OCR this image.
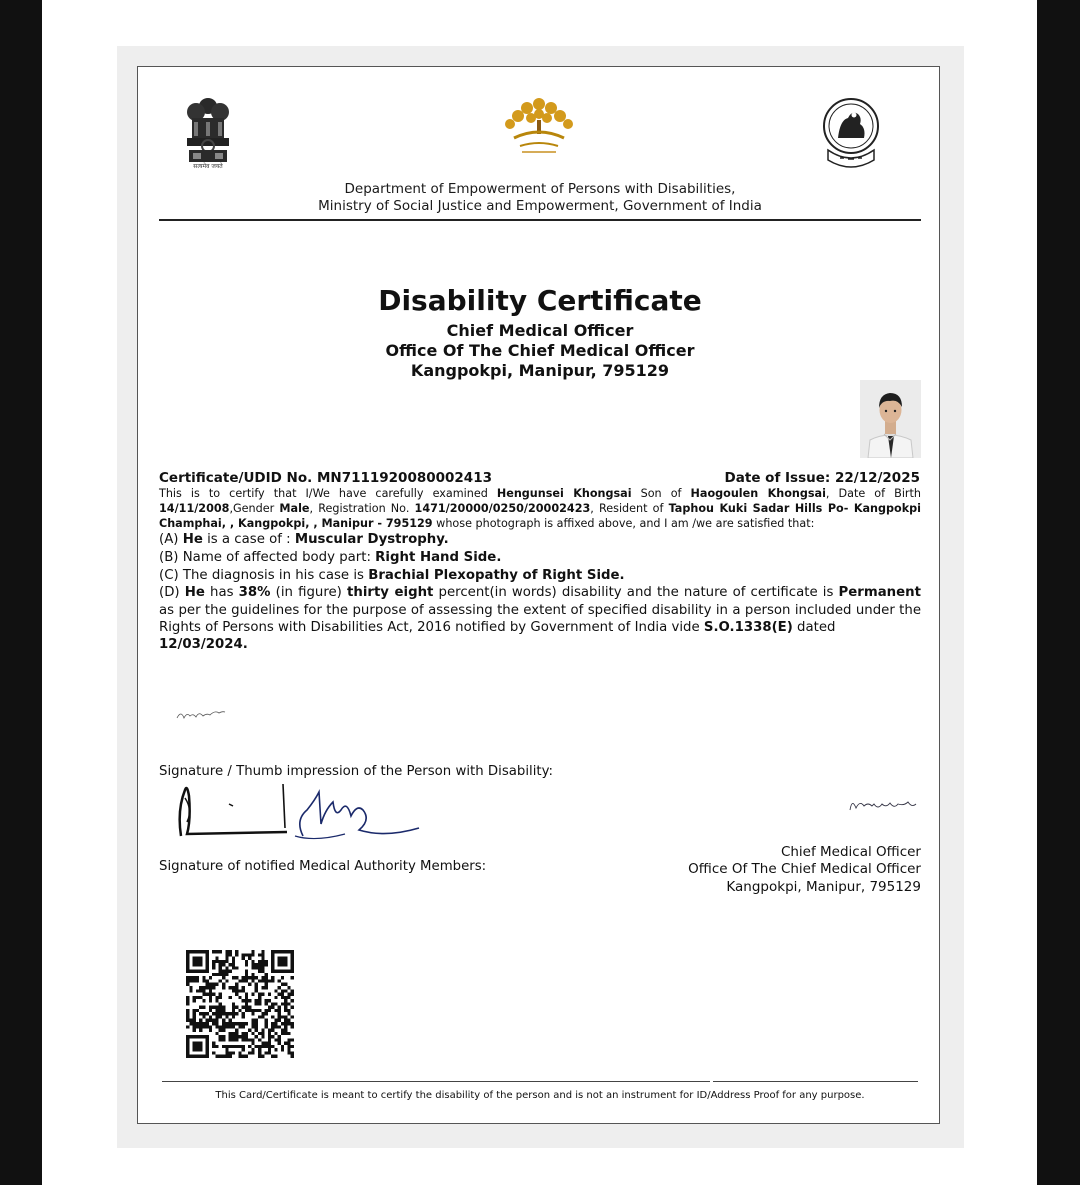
सत्यमेव जयते
Department of Empowerment of Persons with Disabilities,
Ministry of Social Justice and Empowerment, Government of India
Disability Certificate
Chief Medical Officer
Office Of The Chief Medical Officer
Kangpokpi, Manipur, 795129
Certificate/UDID No. MN7111920080002413	Date of Issue: 22/12/2025
This is to certify that I/We have carefully examined Hengunsei Khongsai Son of Haogoulen Khongsai, Date of Birth 14/11/2008,Gender Male, Registration No. 1471/20000/0250/20002423, Resident of Taphou Kuki Sadar Hills Po- Kangpokpi Champhai, , Kangpokpi, , Manipur - 795129 whose photograph is affixed above, and I am /we are satisfied that:
(A) He is a case of : Muscular Dystrophy.
(B) Name of affected body part: Right Hand Side.
(C) The diagnosis in his case is Brachial Plexopathy of Right Side.
(D) He has 38% (in figure) thirty eight percent(in words) disability and the nature of certificate is Permanent
as per the guidelines for the purpose of assessing the extent of specified disability in a person included under the
Rights of Persons with Disabilities Act, 2016 notified by Government of India vide S.O.1338(E) dated 12/03/2024.
Signature / Thumb impression of the Person with Disability:
Signature of notified Medical Authority Members:
Chief Medical Officer
Office Of The Chief Medical Officer
Kangpokpi, Manipur, 795129
This Card/Certificate is meant to certify the disability of the person and is not an instrument for ID/Address Proof for any purpose.
